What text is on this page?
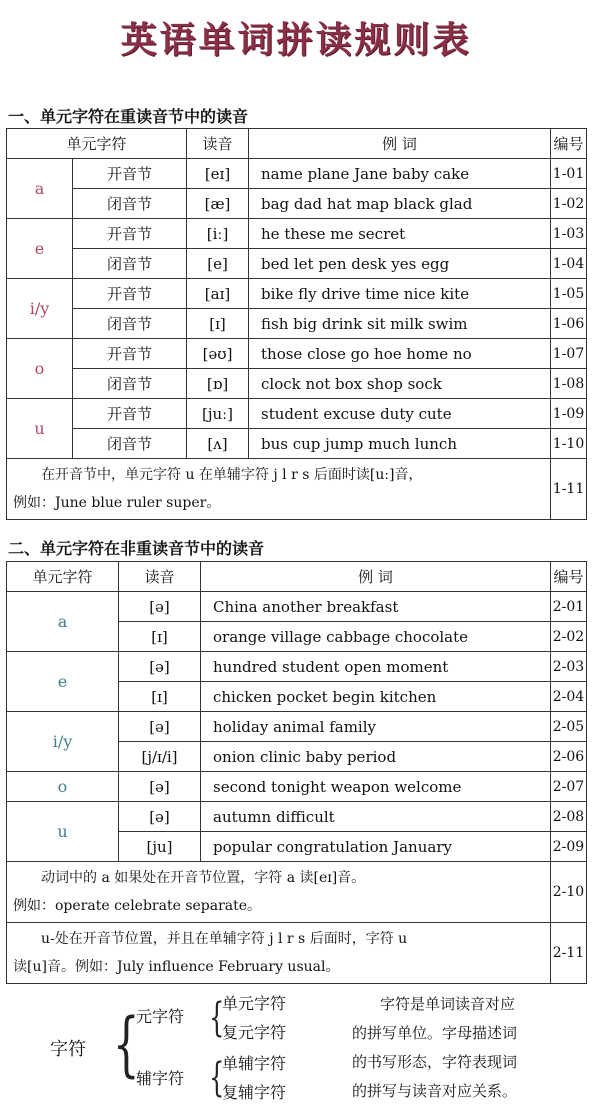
英语单词拼读规则表
一、单元字符在重读音节中的读音
单元字符		读音	例 词	编号
a	开音节	[eɪ]	name plane Jane baby cake	1-01
	闭音节	[æ]	bag dad hat map black glad	1-02
e	开音节	[iː]	he these me secret	1-03
	闭音节	[e]	bed let pen desk yes egg	1-04
i/y	开音节	[aɪ]	bike fly drive time nice kite	1-05
	闭音节	[ɪ]	fish big drink sit milk swim	1-06
o	开音节	[əʊ]	those close go hoe home no	1-07
	闭音节	[ɒ]	clock not box shop sock	1-08
u	开音节	[juː]	student excuse duty cute	1-09
	闭音节	[ʌ]	bus cup jump much lunch	1-10

在开音节中，单元字符 u 在单辅字符 j l r s 后面时读[uː]音，
例如：June blue ruler super。				1-11
二、单元字符在非重读音节中的读音
单元字符	读音	例 词	编号
a	[ə]	China another breakfast	2-01
	[ɪ]	orange village cabbage chocolate	2-02
e	[ə]	hundred student open moment	2-03
	[ɪ]	chicken pocket begin kitchen	2-04
i/y	[ə]	holiday animal family	2-05
	[j/ɪ/i]	onion clinic baby period	2-06
o	[ə]	second tonight weapon welcome	2-07
u	[ə]	autumn difficult	2-08
	[ju]	popular congratulation January	2-09

动词中的 a 如果处在开音节位置，字符 a 读[eɪ]音。
例如：operate celebrate separate。			2-10

u-处在开音节位置，并且在单辅字符 j l r s 后面时，字符 u
读[u]音。例如：July influence February usual。			2-11
字符 {
元字符
辅字符
{
{
单元字符
复元字符
单辅字符
复辅字符
字符是单词读音对应
的拼写单位。字母描述词
的书写形态，字符表现词
的拼写与读音对应关系。
